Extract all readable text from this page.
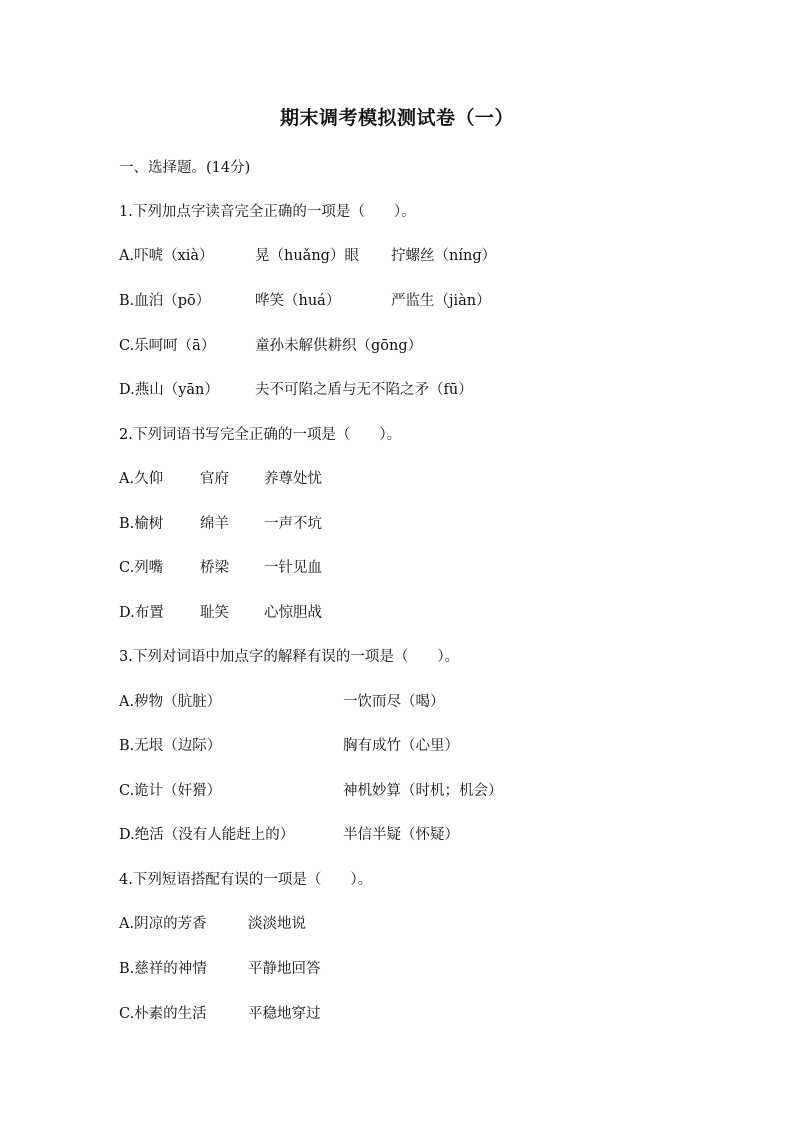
期末调考模拟测试卷（一）
一、选择题。(14分)
1.下列加点字读音完全正确的一项是（　　）。
A.吓唬（xià）	晃（huǎng）眼 拧螺丝（nínɡ）
B.血泊（pō）	哗笑（huá）	严监生（jiàn）
C.乐呵呵（ā）	童孙未解供耕织（gōng）
D.燕山（yān） 夫不可陷之盾与无不陷之矛（fū）
2.下列词语书写完全正确的一项是（　　）。
A.久仰	官府 养尊处忧
B.榆树	绵羊 一声不坑
C.列嘴	桥梁 一针见血
D.布置	耻笑 心惊胆战
3.下列对词语中加点字的解释有误的一项是（　　）。
A.秽物（肮脏）	一饮而尽（喝）
B.无垠（边际）	胸有成竹（心里）
C.诡计（奸猾）	神机妙算（时机；机会）
D.绝活（没有人能赶上的）	半信半疑（怀疑）
4.下列短语搭配有误的一项是（　　）。
A.阴凉的芳香	淡淡地说
B.慈祥的神情	平静地回答
C.朴素的生活	平稳地穿过
